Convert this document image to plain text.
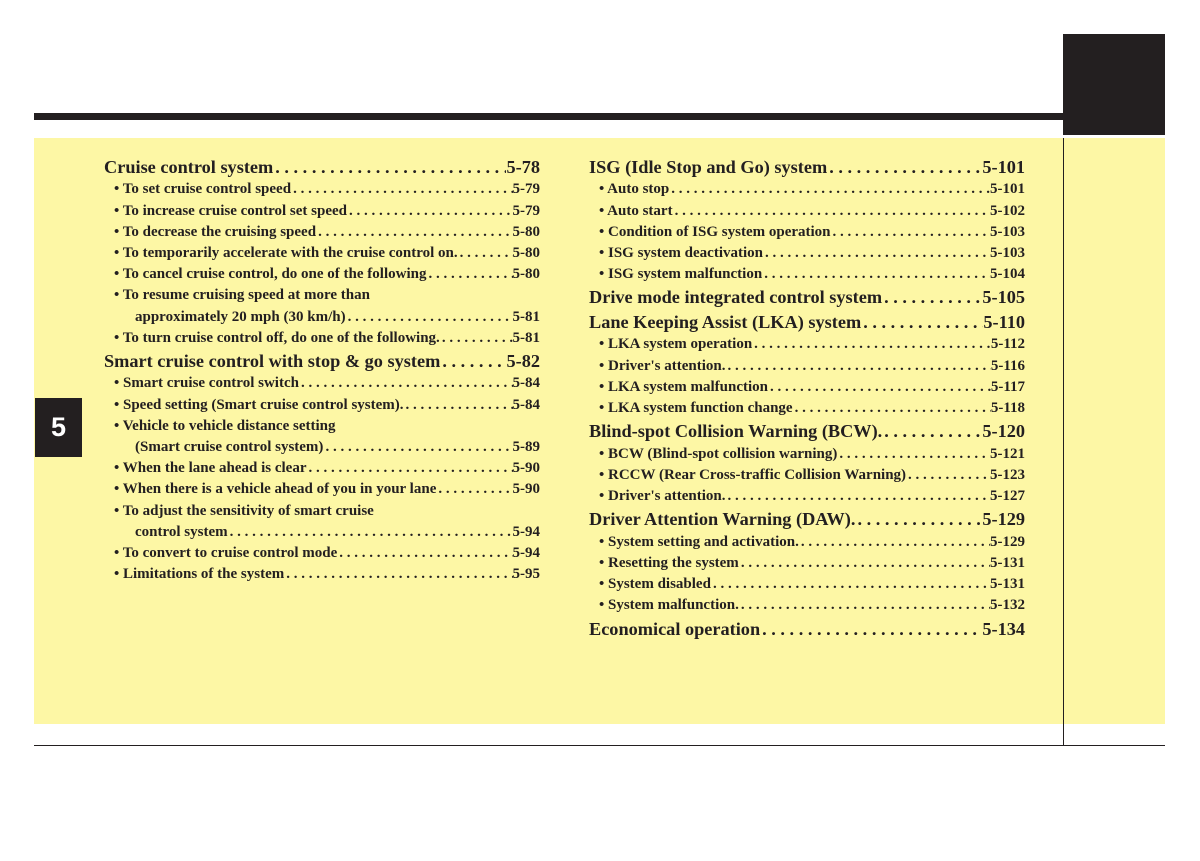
5
Cruise control system . . .	5-78
• To set cruise control speed . . .	5-79
• To increase cruise control set speed . . .	5-79
• To decrease the cruising speed . . .	5-80
• To temporarily accelerate with the cruise control on. . . .	5-80
• To cancel cruise control, do one of the following . . .	5-80
• To resume cruising speed at more than
approximately 20 mph (30 km/h) . . .	5-81
• To turn cruise control off, do one of the following. . . .	5-81
Smart cruise control with stop & go system . . .	5-82
• Smart cruise control switch . . .	5-84
• Speed setting (Smart cruise control system). . . .	5-84
• Vehicle to vehicle distance setting
(Smart cruise control system) . . .	5-89
• When the lane ahead is clear . . .	5-90
• When there is a vehicle ahead of you in your lane . . .	5-90
• To adjust the sensitivity of smart cruise
control system . . .	5-94
• To convert to cruise control mode . . .	5-94
• Limitations of the system . . .	5-95
ISG (Idle Stop and Go) system . . .	5-101
• Auto stop . . .	5-101
• Auto start . . .	5-102
• Condition of ISG system operation . . .	5-103
• ISG system deactivation . . .	5-103
• ISG system malfunction . . .	5-104
Drive mode integrated control system . . .	5-105
Lane Keeping Assist (LKA) system . . .	5-110
• LKA system operation . . .	5-112
• Driver's attention. . . .	5-116
• LKA system malfunction . . .	5-117
• LKA system function change . . .	5-118
Blind-spot Collision Warning (BCW). . . .	5-120
• BCW (Blind-spot collision warning) . . .	5-121
• RCCW (Rear Cross-traffic Collision Warning) . . .	5-123
• Driver's attention. . . .	5-127
Driver Attention Warning (DAW). . . .	5-129
• System setting and activation. . . .	5-129
• Resetting the system . . .	5-131
• System disabled . . .	5-131
• System malfunction. . . .	5-132
Economical operation . . .	5-134
